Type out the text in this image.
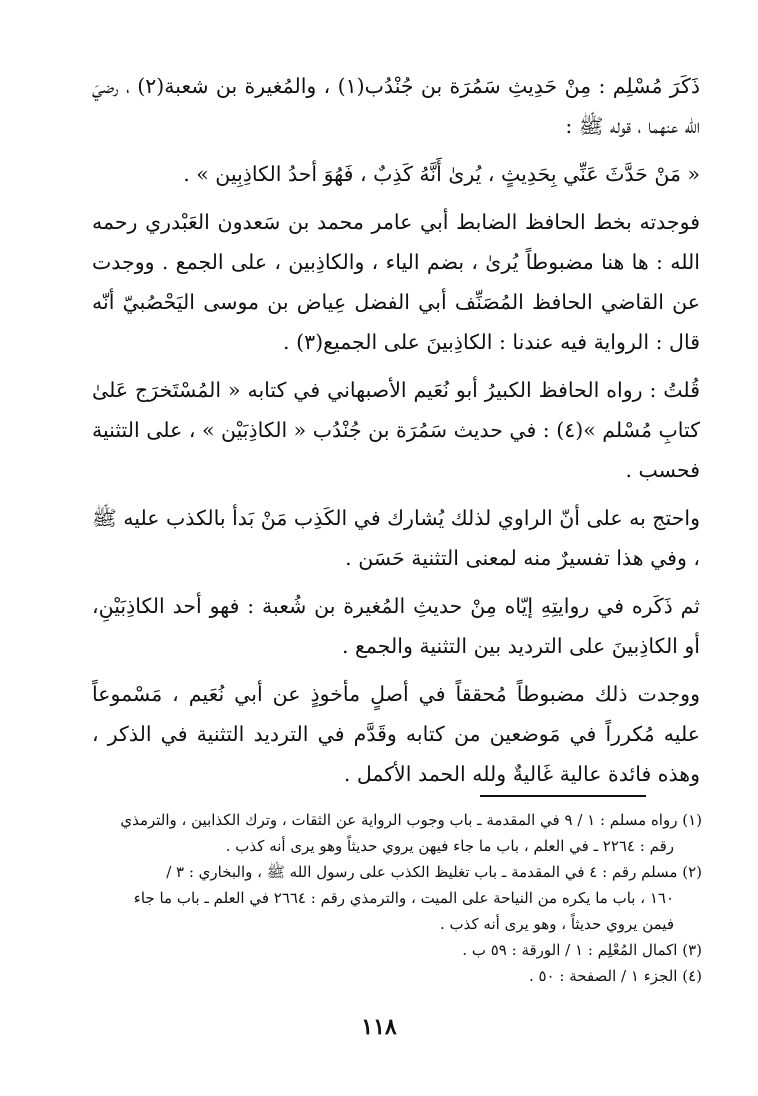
ذَكَرَ مُسْلِم : مِنْ حَدِيثِ سَمُرَة بن جُنْدُب(١) ، والمُغيرة بن شعبة(٢) ، رضيَ الله عنهما ، قوله ﷺ :

« مَنْ حَدَّثَ عَنِّي بِحَدِيثٍ ، يُرىٰ أَنَّهُ كَذِبٌ ، فَهُوَ أحدُ الكاذِبِين » .

فوجدته بخط الحافظ الضابط أبي عامر محمد بن سَعدون العَبْدري رحمه الله : ها هنا مضبوطاً يُرىٰ ، بضم الياء ، والكاذِبين ، على الجمع . ووجدت عن القاضي الحافظ المُصَنِّف أبي الفضل عِياض بن موسى اليَحْصُبيّ أنّه قال : الرواية فيه عندنا : الكاذِبينَ على الجميع(٣) .

قُلتُ : رواه الحافظ الكبيرُ أبو نُعَيم الأصبهاني في كتابه « المُسْتَخرَج عَلىٰ كتابِ مُسْلم »(٤) : في حديث سَمُرَة بن جُنْدُب « الكاذِبَيْن » ، على التثنية فحسب .

واحتج به على أنّ الراوي لذلك يُشارك في الكَذِب مَنْ بَدأ بالكذب عليه ﷺ ، وفي هذا تفسيرٌ منه لمعنى التثنية حَسَن .

ثم ذَكَره في روايتِهِ إيّاه مِنْ حديثِ المُغيرة بن شُعبة : فهو أحد الكاذِبَيْنِ، أو الكاذِبينَ على الترديد بين التثنية والجمع .

ووجدت ذلك مضبوطاً مُحققاً في أصلٍ مأخوذٍ عن أبي نُعَيم ، مَسْموعاً عليه مُكرراً في مَوضعين من كتابه وقَدَّم في الترديد التثنية في الذكر ، وهذه فائدة عالية غَاليةٌ ولله الحمد الأكمل .

(١) رواه مسلم : ١ / ٩ في المقدمة ـ باب وجوب الرواية عن الثقات ، وترك الكذابين ، والترمذي
رقم : ٢٢٦٤ ـ في العلم ، باب ما جاء فيهن يروي حديثاً وهو يرى أنه كذب .
(٢) مسلم رقم : ٤ في المقدمة ـ باب تغليظ الكذب على رسول الله ﷺ ، والبخاري : ٣ /
١٦٠ ، باب ما يكره من النياحة على الميت ، والترمذي رقم : ٢٦٦٤ في العلم ـ باب ما جاء
فيمن يروي حديثاً ، وهو يرى أنه كذب .
(٣) اكمال المُعْلِم : ١ / الورقة : ٥٩ ب .
(٤) الجزء ١ / الصفحة : ٥٠ .
١١٨
